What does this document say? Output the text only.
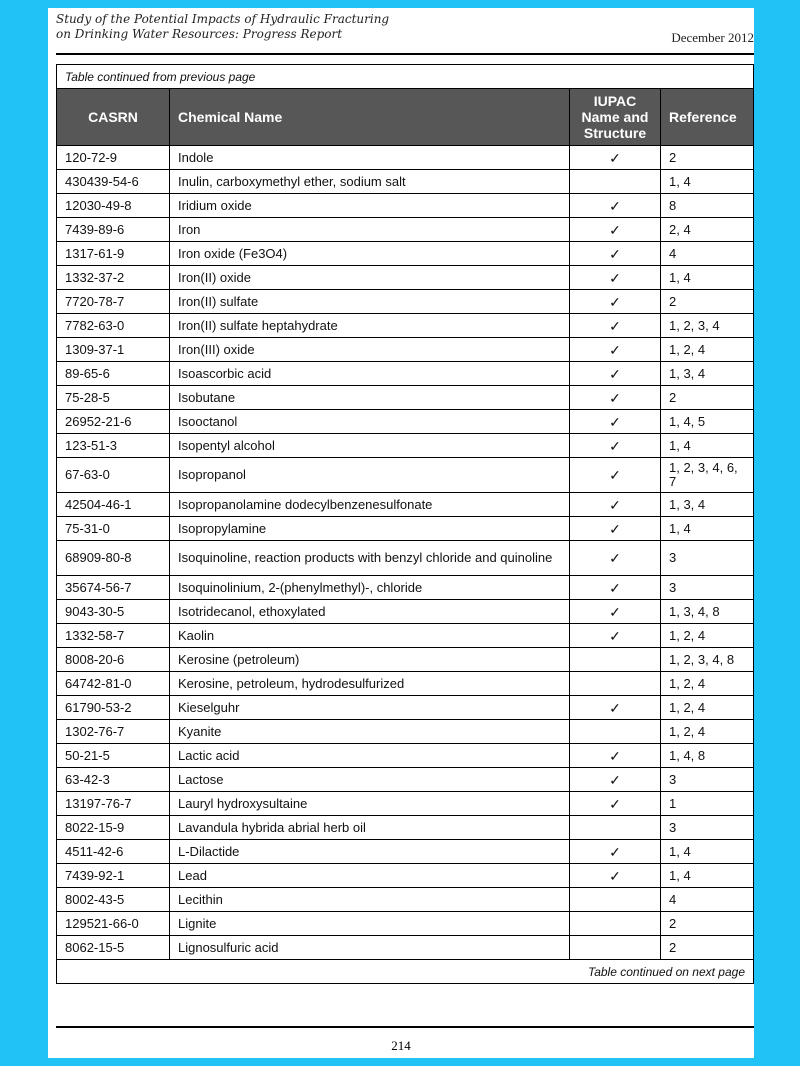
Study of the Potential Impacts of Hydraulic Fracturing
on Drinking Water Resources: Progress Report	December 2012
Table continued from previous page			
CASRN	Chemical Name	IUPAC Name and Structure	Reference
120-72-9	Indole	✓	2
430439-54-6	Inulin, carboxymethyl ether, sodium salt		1, 4
12030-49-8	Iridium oxide	✓	8
7439-89-6	Iron	✓	2, 4
1317-61-9	Iron oxide (Fe3O4)	✓	4
1332-37-2	Iron(II) oxide	✓	1, 4
7720-78-7	Iron(II) sulfate	✓	2
7782-63-0	Iron(II) sulfate heptahydrate	✓	1, 2, 3, 4
1309-37-1	Iron(III) oxide	✓	1, 2, 4
89-65-6	Isoascorbic acid	✓	1, 3, 4
75-28-5	Isobutane	✓	2
26952-21-6	Isooctanol	✓	1, 4, 5
123-51-3	Isopentyl alcohol	✓	1, 4
67-63-0	Isopropanol	✓	1, 2, 3, 4, 6, 7
42504-46-1	Isopropanolamine dodecylbenzenesulfonate	✓	1, 3, 4
75-31-0	Isopropylamine	✓	1, 4
68909-80-8	Isoquinoline, reaction products with benzyl chloride and quinoline	✓	3
35674-56-7	Isoquinolinium, 2-(phenylmethyl)-, chloride	✓	3
9043-30-5	Isotridecanol, ethoxylated	✓	1, 3, 4, 8
1332-58-7	Kaolin	✓	1, 2, 4
8008-20-6	Kerosine (petroleum)		1, 2, 3, 4, 8
64742-81-0	Kerosine, petroleum, hydrodesulfurized		1, 2, 4
61790-53-2	Kieselguhr	✓	1, 2, 4
1302-76-7	Kyanite		1, 2, 4
50-21-5	Lactic acid	✓	1, 4, 8
63-42-3	Lactose	✓	3
13197-76-7	Lauryl hydroxysultaine	✓	1
8022-15-9	Lavandula hybrida abrial herb oil		3
4511-42-6	L-Dilactide	✓	1, 4
7439-92-1	Lead	✓	1, 4
8002-43-5	Lecithin		4
129521-66-0	Lignite		2
8062-15-5	Lignosulfuric acid		2
Table continued on next page			
214
